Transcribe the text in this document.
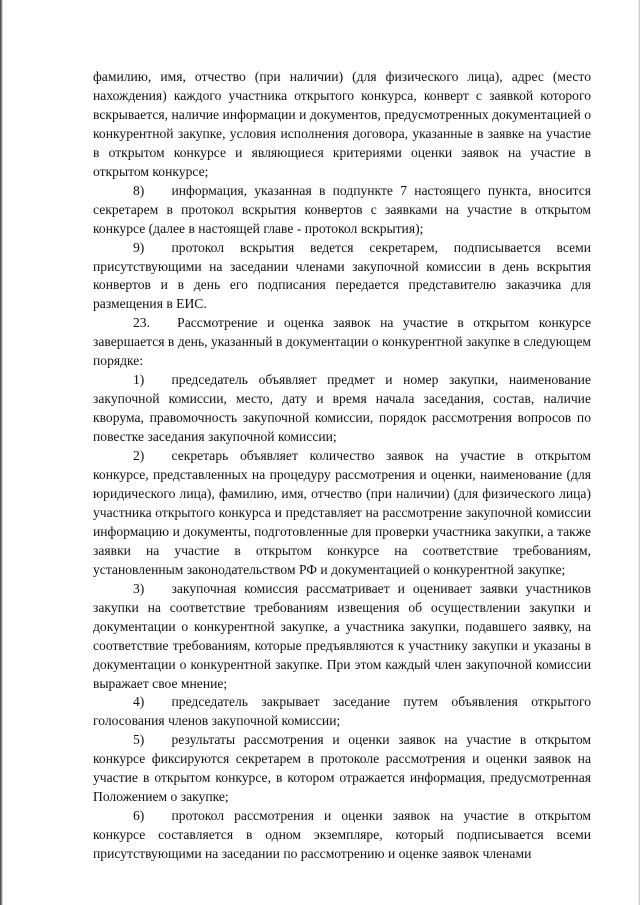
фамилию, имя, отчество (при наличии) (для физического лица), адрес (место нахождения) каждого участника открытого конкурса, конверт с заявкой которого вскрывается, наличие информации и документов, предусмотренных документацией о конкурентной закупке, условия исполнения договора, указанные в заявке на участие в открытом конкурсе и являющиеся критериями оценки заявок на участие в открытом конкурсе;

8)  информация, указанная в подпункте 7 настоящего пункта, вносится секретарем в протокол вскрытия конвертов с заявками на участие в открытом конкурсе (далее в настоящей главе - протокол вскрытия);

9)  протокол вскрытия ведется секретарем, подписывается всеми присутствующими на заседании членами закупочной комиссии в день вскрытия конвертов и в день его подписания передается представителю заказчика для размещения в ЕИС.

23.  Рассмотрение и оценка заявок на участие в открытом конкурсе завершается в день, указанный в документации о конкурентной закупке в следующем порядке:

1)  председатель объявляет предмет и номер закупки, наименование закупочной комиссии, место, дату и время начала заседания, состав, наличие кворума, правомочность закупочной комиссии, порядок рассмотрения вопросов по повестке заседания закупочной комиссии;

2)  секретарь объявляет количество заявок на участие в открытом конкурсе, представленных на процедуру рассмотрения и оценки, наименование (для юридического лица), фамилию, имя, отчество (при наличии) (для физического лица) участника открытого конкурса и представляет на рассмотрение закупочной комиссии информацию и документы, подготовленные для проверки участника закупки, а также заявки на участие в открытом конкурсе на соответствие требованиям, установленным законодательством РФ и документацией о конкурентной закупке;

3)  закупочная комиссия рассматривает и оценивает заявки участников закупки на соответствие требованиям извещения об осуществлении закупки и документации о конкурентной закупке, а участника закупки, подавшего заявку, на соответствие требованиям, которые предъявляются к участнику закупки и указаны в документации о конкурентной закупке. При этом каждый член закупочной комиссии выражает свое мнение;

4)  председатель закрывает заседание путем объявления открытого голосования членов закупочной комиссии;

5)  результаты рассмотрения и оценки заявок на участие в открытом конкурсе фиксируются секретарем в протоколе рассмотрения и оценки заявок на участие в открытом конкурсе, в котором отражается информация, предусмотренная Положением о закупке;

6)  протокол рассмотрения и оценки заявок на участие в открытом конкурсе составляется в одном экземпляре, который подписывается всеми присутствующими на заседании по рассмотрению и оценке заявок членами
